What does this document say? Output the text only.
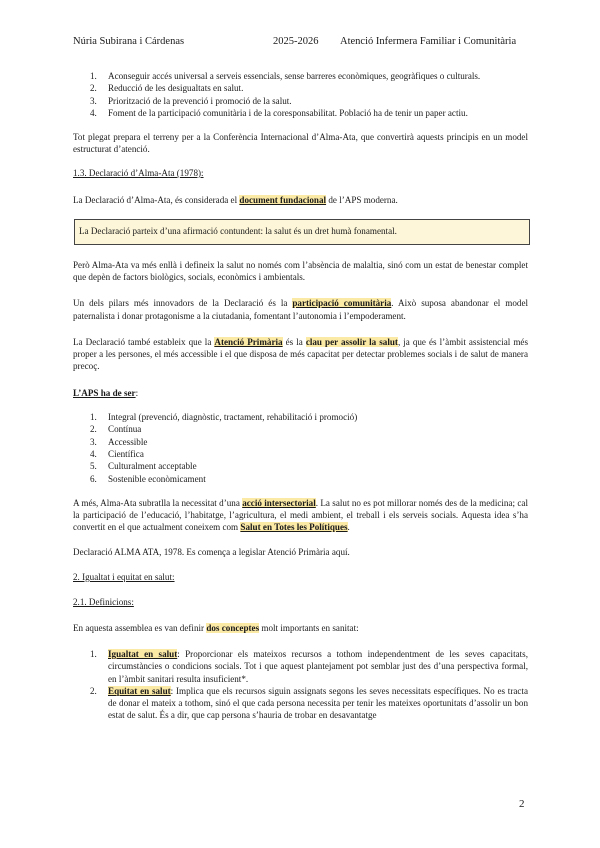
Núria Subirana i Cárdenas	2025-2026 Atenció Infermera Familiar i Comunitària
1. Aconseguir accés universal a serveis essencials, sense barreres econòmiques, geogràfiques o culturals.
2. Reducció de les desigualtats en salut.
3. Priorització de la prevenció i promoció de la salut.
4. Foment de la participació comunitària i de la coresponsabilitat. Població ha de tenir un paper actiu.

Tot plegat prepara el terreny per a la Conferència Internacional d’Alma-Ata, que convertirà aquests principis en un model estructurat d’atenció.

1.3. Declaració d’Alma-Ata (1978):

La Declaració d’Alma-Ata, és considerada el document fundacional de l’APS moderna.

La Declaració parteix d’una afirmació contundent: la salut és un dret humà fonamental.

Però Alma-Ata va més enllà i defineix la salut no només com l’absència de malaltia, sinó com un estat de benestar complet que depèn de factors biològics, socials, econòmics i ambientals.

Un dels pilars més innovadors de la Declaració és la participació comunitària. Això suposa abandonar el model paternalista i donar protagonisme a la ciutadania, fomentant l’autonomia i l’empoderament.

La Declaració també estableix que la Atenció Primària és la clau per assolir la salut, ja que és l’àmbit assistencial més proper a les persones, el més accessible i el que disposa de més capacitat per detectar problemes socials i de salut de manera precoç.

L’APS ha de ser:

1. Integral (prevenció, diagnòstic, tractament, rehabilitació i promoció)
2. Contínua
3. Accessible
4. Científica
5. Culturalment acceptable
6. Sostenible econòmicament

A més, Alma-Ata subratlla la necessitat d’una acció intersectorial. La salut no es pot millorar només des de la medicina; cal la participació de l’educació, l’habitatge, l’agricultura, el medi ambient, el treball i els serveis socials. Aquesta idea s’ha convertit en el que actualment coneixem com Salut en Totes les Polítiques.

Declaració ALMA ATA, 1978. Es comença a legislar Atenció Primària aquí.

2. Igualtat i equitat en salut:

2.1. Definicions:

En aquesta assemblea es van definir dos conceptes molt importants en sanitat:

1. Igualtat en salut: Proporcionar els mateixos recursos a tothom independentment de les seves capacitats, circumstàncies o condicions socials. Tot i que aquest plantejament pot semblar just des d’una perspectiva formal, en l’àmbit sanitari resulta insuficient*.
2. Equitat en salut: Implica que els recursos siguin assignats segons les seves necessitats específiques. No es tracta de donar el mateix a tothom, sinó el que cada persona necessita per tenir les mateixes oportunitats d’assolir un bon estat de salut. És a dir, que cap persona s’hauria de trobar en desavantatge
2
